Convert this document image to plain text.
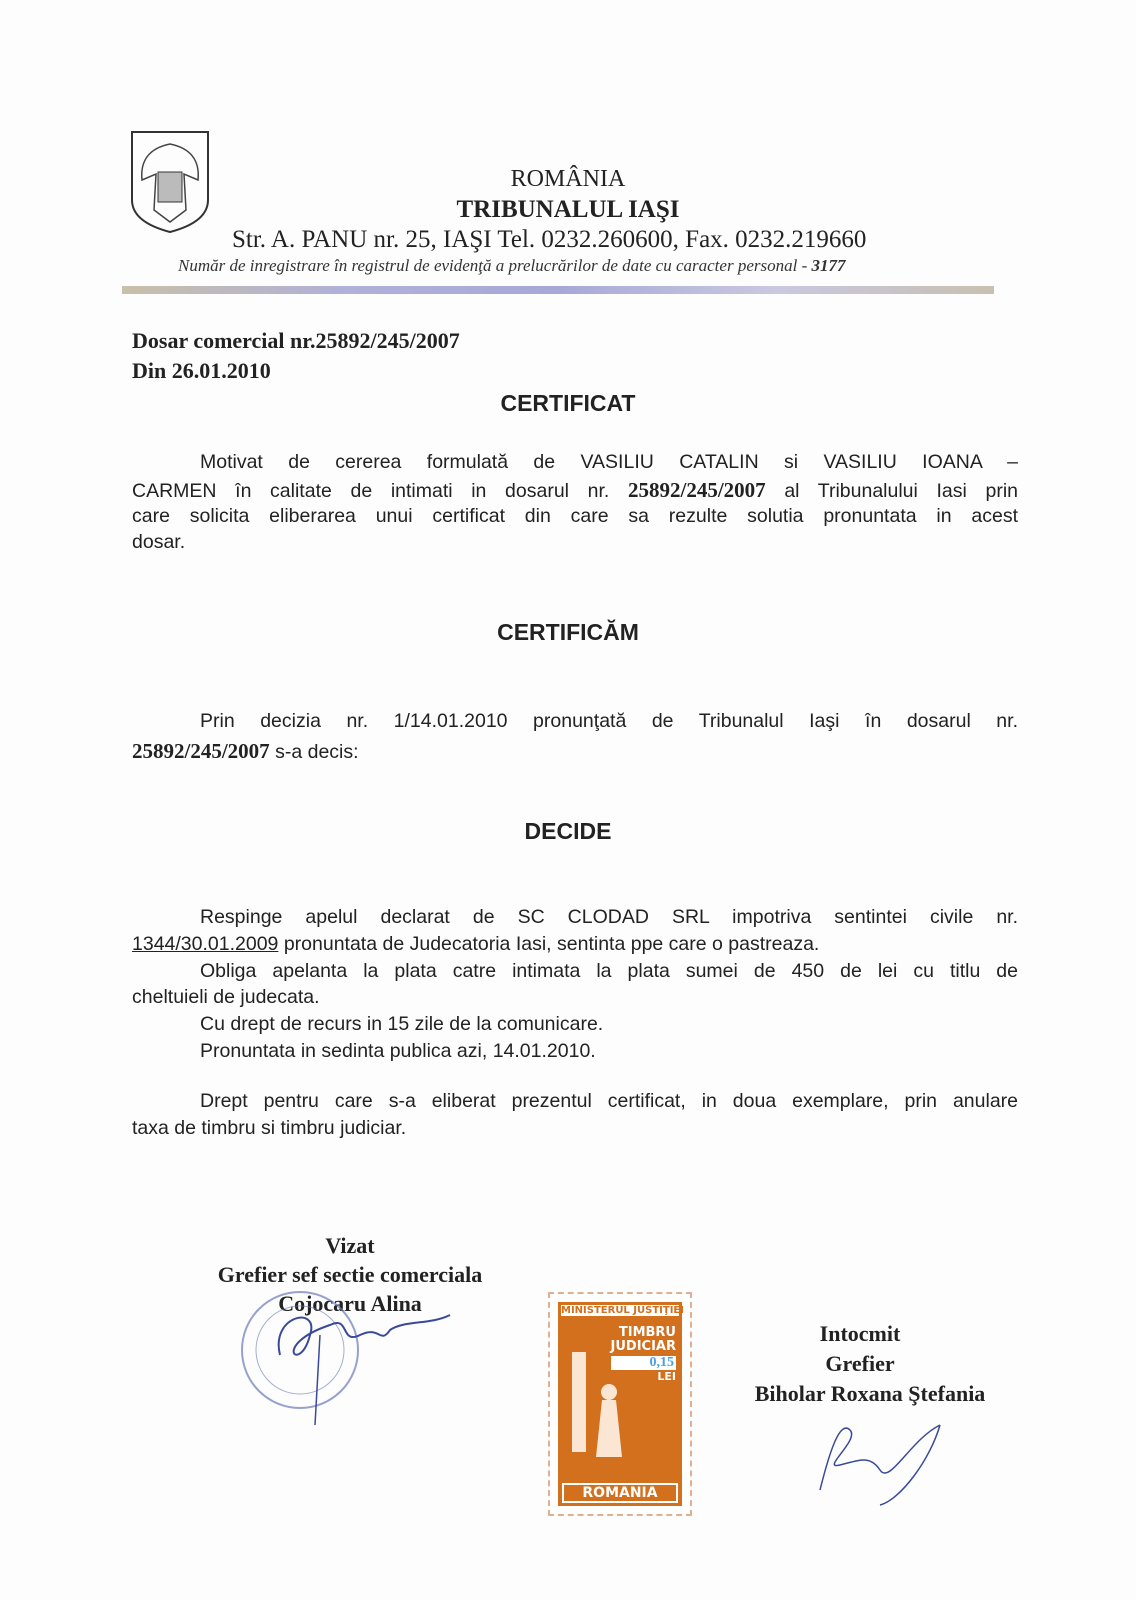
ROMÂNIA
TRIBUNALUL IAŞI
Str. A. PANU nr. 25, IAŞI Tel. 0232.260600, Fax. 0232.219660
Număr de inregistrare în registrul de evidenţă a prelucrărilor de date cu caracter personal - 3177
Dosar comercial nr.25892/245/2007
Din 26.01.2010
CERTIFICAT
Motivat de cererea formulată de VASILIU CATALIN si VASILIU IOANA –
CARMEN în calitate de intimati in dosarul nr. 25892/245/2007 al Tribunalului Iasi prin
care solicita eliberarea unui certificat din care sa rezulte solutia pronuntata in acest
dosar.
CERTIFICĂM
Prin decizia nr. 1/14.01.2010 pronunţată de Tribunalul Iaşi în dosarul nr.
25892/245/2007 s-a decis:
DECIDE
Respinge apelul declarat de SC CLODAD SRL impotriva sentintei civile nr.
1344/30.01.2009 pronuntata de Judecatoria Iasi, sentinta ppe care o pastreaza.
Obliga apelanta la plata catre intimata la plata sumei de 450 de lei cu titlu de
cheltuieli de judecata.
Cu drept de recurs in 15 zile de la comunicare.
Pronuntata in sedinta publica azi, 14.01.2010.
Drept pentru care s-a eliberat prezentul certificat, in doua exemplare, prin anulare
taxa de timbru si timbru judiciar.
Vizat
Grefier sef sectie comerciala
Cojocaru Alina	MINISTERUL JUSTIŢIEI
TIMBRU
JUDICIAR
0,15
LEI
ROMANIA
Intocmit
Grefier
Biholar Roxana Ştefania
